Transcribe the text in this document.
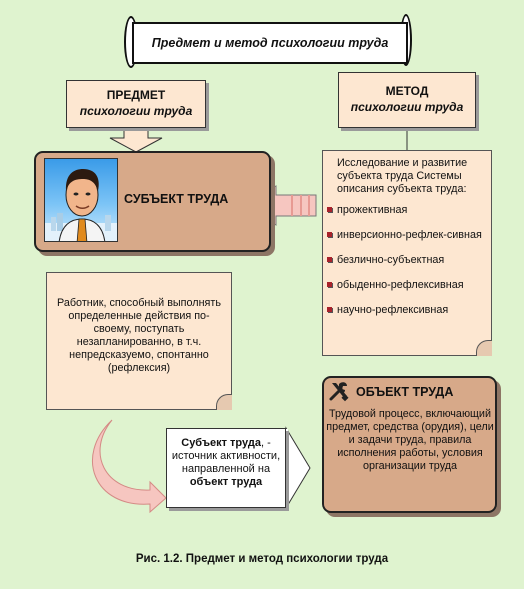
Предмет и метод психологии труда
ПРЕДМЕТ
психологии труда
МЕТОД
психологии труда
СУБЪЕКТ ТРУДА
Исследование и развитие субъекта труда Системы описания субъекта труда:
прожективная
инверсионно-рефлек-сивная
безлично-субъектная
обыденно-рефлексивная
научно-рефлексивная
Работник, способный выполнять определенные действия по-своему, поступать незапланированно, в т.ч. непредсказуемо, спонтанно (рефлексия)
Субъект труда, - источник активности, направленной на
объект труда
ОБЪЕКТ ТРУДА
Трудовой процесс, включающий предмет, средства (орудия), цели и задачи труда, правила исполнения работы, условия организации труда
Рис. 1.2. Предмет и метод психологии труда
